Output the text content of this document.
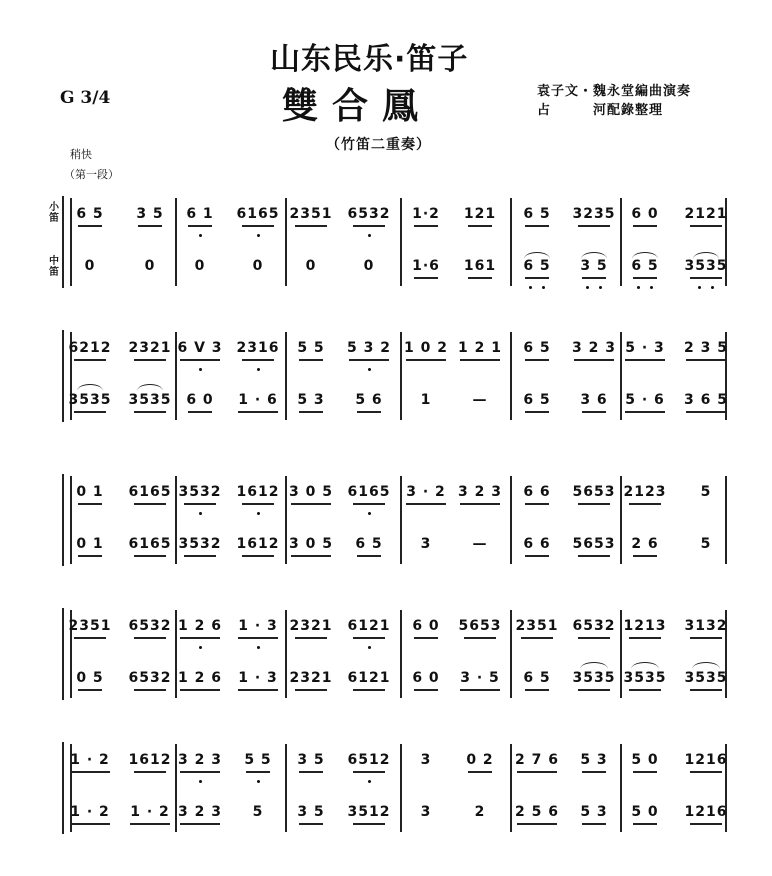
山东民乐·笛子
雙合鳳
G 3/4	袁子文・魏永堂編曲演奏
占　　　河配錄整理
（竹笛二重奏）
稍快
（第一段）
小笛
中笛
6 5 3 5 6 1 6165 2351 6532 1·2 121 6 5 3235 6 0 2121
0	0	0	0	0	0	1·6 161 6 5 3 5 6 5 3535
6212 2321 6 V 3 2316 5 5 5 3 2 1 0 2 1 2 1 6 5 3 2 3 5 · 3 2 3 5
3535 3535 6 0 1 · 6 5 3 5 6	1	—	6 5 3 6 5 · 6 3 6 5
0 1 6165 3532 1612 3 0 5 6165 3 · 2 3 2 3 6 6 5653 2123 5
0 1 6165 3532 1612 3 0 5 6 5	3	—	6 6 5653 2 6	5
2351 6532 1 2 6 1 · 3 2321 6121 6 0 5653 2351 6532 1213 3132
0 5 6532 1 2 6 1 · 3 2321 6121 6 0 3 · 5 6 5 3535 3535 3535
1 · 2 1612 3 2 3 5 5 3 5 6512 3 0 2 2 7 6 5 3 5 0 1216
1 · 2 1 · 2 3 2 3 5 3 5 3512 3	2 2 5 6 5 3 5 0 1216
